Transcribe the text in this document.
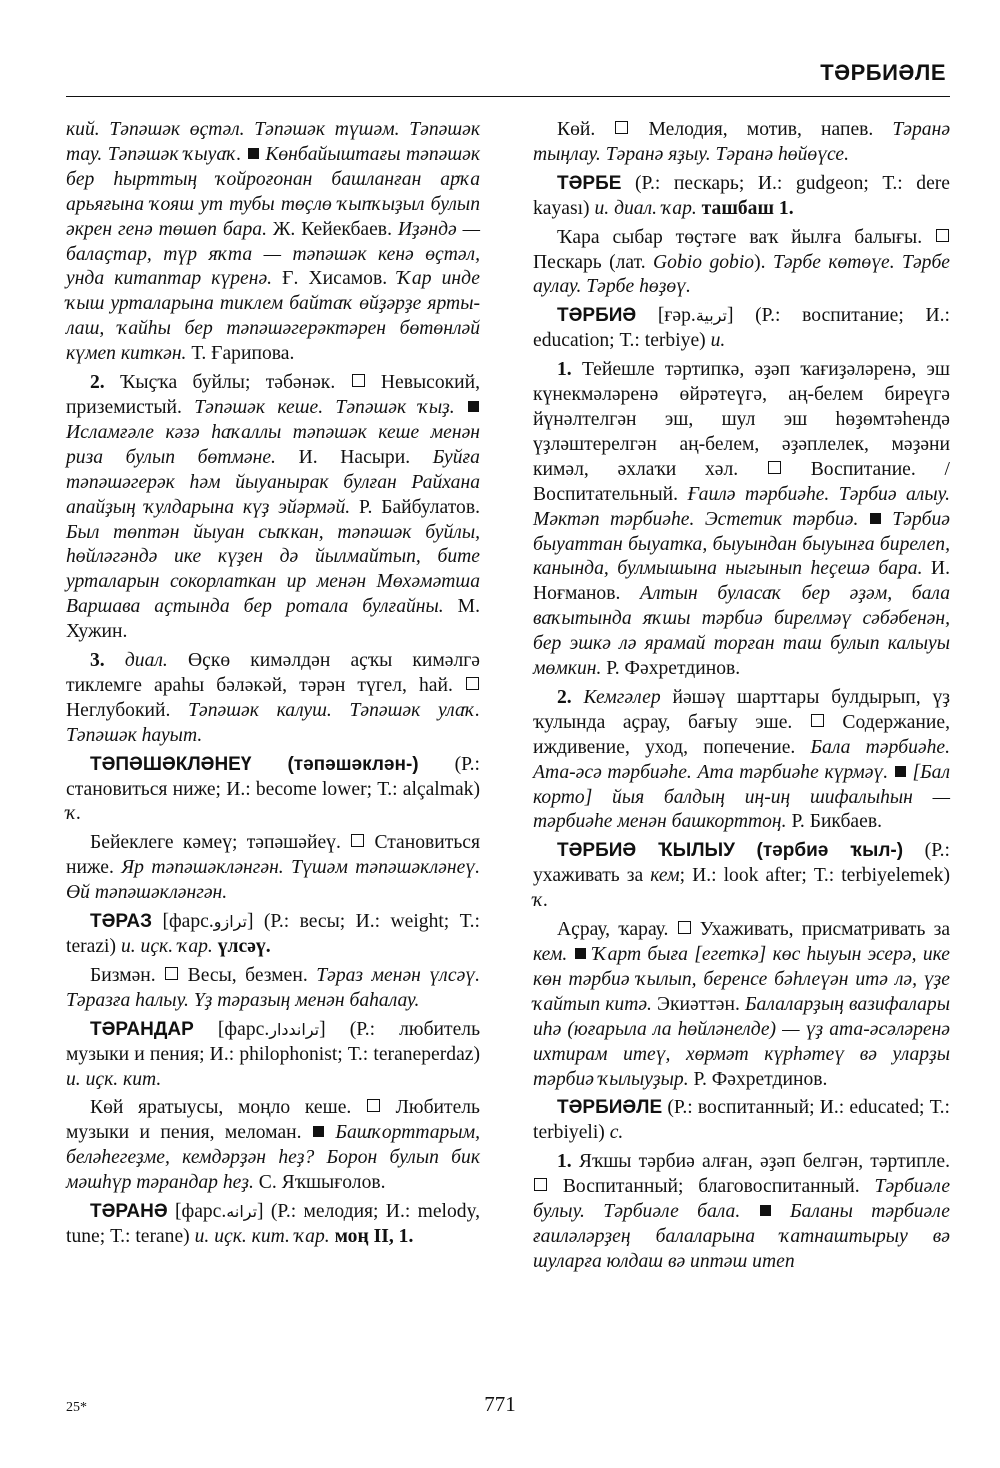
ТӘРБИӘЛЕ

кий. Тәпәшәк өҫтәл. Тәпәшәк түшәм. Тәпәшәк тау. Тәпәшәк ҡыуаҡ. Көнбайыштағы тәпәшәк бер һырттың ҡойроғонан башланған арҡа арьяғына ҡояш ут тубы төҫлө ҡыпҡыҙыл булып әкрен генә төшөп бара. Ж. Кейекбаев. Иҙәндә — балаҫтар, түр яҡта — тәпәшәк кенә өҫтәл, унда китаптар күренә. Ғ. Хисамов. Ҡар инде ҡыш урталарына тиклем байтаҡ өйҙәрҙе яртылаш, ҡайһы бер тәпәшәгерәктәрен бөтөнләй күмеп киткән. Т. Ғарипова.

2. Ҡыҫҡа буйлы; тәбәнәк. Невысокий, приземистый. Тәпәшәк кеше. Тәпәшәк ҡыҙ.  Исламғәле кәзә һаҡаллы тәпәшәк кеше менән риза булып бөтмәне. И. Насыри. Буйға тәпәшәгерәк һәм йыуанырак булған Райхана апайҙың ҡулдарына күҙ эйәрмәй. Р. Байбулатов. Был төптән йыуан сыҡкан, тәпәшәк буйлы, һөйләгәндә ике күҙен дә йылмайтып, бите урталарын сокорлаткан ир менән Мөхәмәтша Варшава аҫтында бер ротала булғайны. М. Хужин.

3. диал. Өҫкө кимәлдән аҫҡы кимәлгә тиклемге араһы бәләкәй, тәрән түгел, һай.  Неглубокий. Тәпәшәк калуш. Тәпәшәк улаҡ. Тәпәшәк һауыт.

ТӘПӘШӘКЛӘНЕҮ (тәпәшәклән-) (Р.: становиться ниже; И.: become lower; Т.: alçalmak) ҡ.

Бейеклеге кәмеү; тәпәшәйеү. Становиться ниже. Яр тәпәшәкләнгән. Түшәм тәпәшәкләнеү. Өй тәпәшәкләнгән.

ТӘРАЗ [фарс.ترازو] (Р.: весы; И.: weight; Т.: terazi) и. иҫк. ҡар. үлсәү.

Бизмән. Весы, безмен. Тәраз менән үлсәү. Тәразға һалыу. Үҙ тәразың менән баһалау.

ТӘРАНДАР [фарс.ترانددار] (Р.: любитель музыки и пения; И.: philophonist; Т.: teraneperdaz) и. иҫк. кит.

Көй яратыусы, моңло кеше. Любитель музыки и пения, меломан. Башҡорттарым, беләһегеҙме, кемдәрҙән һеҙ? Борон булып бик мәшһүр тәрандар һеҙ. С. Яҡшығолов.

ТӘРАНӘ [фарс.ترانه] (Р.: мелодия; И.: melody, tune; Т.: terane) и. иҫк. кит. ҡар. моң II, 1.

Көй.	Мелодия, мотив, напев. Тәранә тыңлау. Тәранә яҙыу. Тәранә һөйөүсе.

ТӘРБЕ (Р.: пескарь; И.: gudgeon; Т.: dere kayası) и. диал. ҡар. ташбаш 1.

Ҡара сыбар төҫтәге ваҡ йылға балығы.  Пескарь (лат. Gobio gobio). Тәрбе көтөүе. Тәрбе аулау. Тәрбе һөҙөү.

ТӘРБИӘ [ғәр.تربية] (Р.: воспитание; И.: education; Т.: terbiye) и.

1. Тейешле тәртипкә, әҙәп ҡағиҙәләренә, эш күнекмәләренә өйрәтеүгә, аң-белем биреүгә йүнәлтелгән эш, шул эш һөҙөмтәһендә үҙләштерелгән аң-белем, әҙәплелек, мәҙәни кимәл, әхлаҡи хәл.	Воспитание. / Воспитательный. Ғаилә тәрбиәһе. Тәрбиә алыу. Мәктәп тәрбиәһе. Эстетик тәрбиә. Тәрбиә быуаттан быуатка, быуындан быуынға бирелеп, канында, булмышына ныгынып һеҫешә бара. И. Ноғманов. Алтын буласаҡ бер әҙәм, бала ваҡытында яҡшы тәрбиә бирелмәү сәбәбенән, бер эшкә лә ярамай торған таш булып калыуы мөмкин. Р. Фәхретдинов.

2. Кемгәлер йәшәү шарттары булдырып, үҙ ҡулында аҫрау, бағыу эше.	Содержание, иждивение, уход, попечение. Бала тәрбиәһе. Ата-әсә тәрбиәһе. Ата тәрбиәһе күрмәү. [Бал корто] йыя балдың иң-иң шифалыһын — тәрбиәһе менән башкорттоң. Р. Бикбаев.

ТӘРБИӘ ҠЫЛЫУ (тәрбиә ҡыл-) (Р.: ухаживать за кем; И.: look after; Т.: terbiyelemek) ҡ.

Аҫрау, ҡарау. Ухаживать, присматривать за кем. Ҡарт быға [егеткә] көс һыуын эсерә, ике көн тәрбиә ҡылып, беренсе бәһлеүән итә лә, үҙе ҡайтып китә. Экиәттән. Балаларҙың вазифалары иһә (юғарыла ла һөйләнелде) — үҙ ата-әсәләренә ихтирам итеү, хөрмәт күрһәтеү вә уларҙы тәрбиә ҡылыуҙыр. Р. Фәхретдинов.

ТӘРБИӘЛЕ (Р.: воспитанный; И.: educated; Т.: terbiyeli) с.

1. Яҡшы тәрбиә алған, әҙәп белгән, тәртипле.  Воспитанный; благовоспитанный. Тәрбиәле булыу. Тәрбиәле бала.	Баланы тәрбиәле ғаиләләрҙең балаларына ҡатнаштырыу вә шуларға юлдаш вә иптәш итеп

25*	771
